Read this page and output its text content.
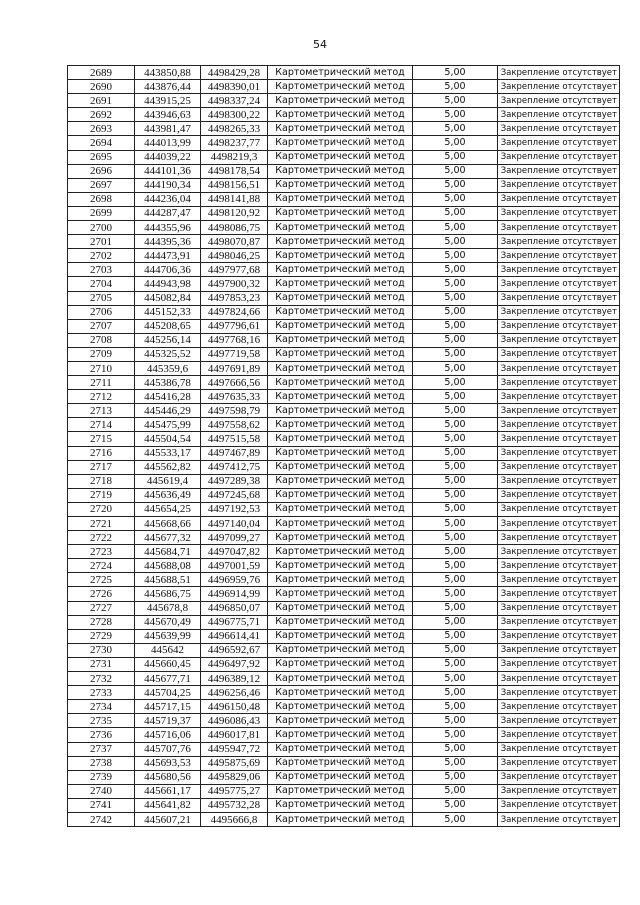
54
2689	443850,88	4498429,28	Картометрический метод	5,00	Закрепление отсутствует
2690	443876,44	4498390,01	Картометрический метод	5,00	Закрепление отсутствует
2691	443915,25	4498337,24	Картометрический метод	5,00	Закрепление отсутствует
2692	443946,63	4498300,22	Картометрический метод	5,00	Закрепление отсутствует
2693	443981,47	4498265,33	Картометрический метод	5,00	Закрепление отсутствует
2694	444013,99	4498237,77	Картометрический метод	5,00	Закрепление отсутствует
2695	444039,22	4498219,3	Картометрический метод	5,00	Закрепление отсутствует
2696	444101,36	4498178,54	Картометрический метод	5,00	Закрепление отсутствует
2697	444190,34	4498156,51	Картометрический метод	5,00	Закрепление отсутствует
2698	444236,04	4498141,88	Картометрический метод	5,00	Закрепление отсутствует
2699	444287,47	4498120,92	Картометрический метод	5,00	Закрепление отсутствует
2700	444355,96	4498086,75	Картометрический метод	5,00	Закрепление отсутствует
2701	444395,36	4498070,87	Картометрический метод	5,00	Закрепление отсутствует
2702	444473,91	4498046,25	Картометрический метод	5,00	Закрепление отсутствует
2703	444706,36	4497977,68	Картометрический метод	5,00	Закрепление отсутствует
2704	444943,98	4497900,32	Картометрический метод	5,00	Закрепление отсутствует
2705	445082,84	4497853,23	Картометрический метод	5,00	Закрепление отсутствует
2706	445152,33	4497824,66	Картометрический метод	5,00	Закрепление отсутствует
2707	445208,65	4497796,61	Картометрический метод	5,00	Закрепление отсутствует
2708	445256,14	4497768,16	Картометрический метод	5,00	Закрепление отсутствует
2709	445325,52	4497719,58	Картометрический метод	5,00	Закрепление отсутствует
2710	445359,6	4497691,89	Картометрический метод	5,00	Закрепление отсутствует
2711	445386,78	4497666,56	Картометрический метод	5,00	Закрепление отсутствует
2712	445416,28	4497635,33	Картометрический метод	5,00	Закрепление отсутствует
2713	445446,29	4497598,79	Картометрический метод	5,00	Закрепление отсутствует
2714	445475,99	4497558,62	Картометрический метод	5,00	Закрепление отсутствует
2715	445504,54	4497515,58	Картометрический метод	5,00	Закрепление отсутствует
2716	445533,17	4497467,89	Картометрический метод	5,00	Закрепление отсутствует
2717	445562,82	4497412,75	Картометрический метод	5,00	Закрепление отсутствует
2718	445619,4	4497289,38	Картометрический метод	5,00	Закрепление отсутствует
2719	445636,49	4497245,68	Картометрический метод	5,00	Закрепление отсутствует
2720	445654,25	4497192,53	Картометрический метод	5,00	Закрепление отсутствует
2721	445668,66	4497140,04	Картометрический метод	5,00	Закрепление отсутствует
2722	445677,32	4497099,27	Картометрический метод	5,00	Закрепление отсутствует
2723	445684,71	4497047,82	Картометрический метод	5,00	Закрепление отсутствует
2724	445688,08	4497001,59	Картометрический метод	5,00	Закрепление отсутствует
2725	445688,51	4496959,76	Картометрический метод	5,00	Закрепление отсутствует
2726	445686,75	4496914,99	Картометрический метод	5,00	Закрепление отсутствует
2727	445678,8	4496850,07	Картометрический метод	5,00	Закрепление отсутствует
2728	445670,49	4496775,71	Картометрический метод	5,00	Закрепление отсутствует
2729	445639,99	4496614,41	Картометрический метод	5,00	Закрепление отсутствует
2730	445642	4496592,67	Картометрический метод	5,00	Закрепление отсутствует
2731	445660,45	4496497,92	Картометрический метод	5,00	Закрепление отсутствует
2732	445677,71	4496389,12	Картометрический метод	5,00	Закрепление отсутствует
2733	445704,25	4496256,46	Картометрический метод	5,00	Закрепление отсутствует
2734	445717,15	4496150,48	Картометрический метод	5,00	Закрепление отсутствует
2735	445719,37	4496086,43	Картометрический метод	5,00	Закрепление отсутствует
2736	445716,06	4496017,81	Картометрический метод	5,00	Закрепление отсутствует
2737	445707,76	4495947,72	Картометрический метод	5,00	Закрепление отсутствует
2738	445693,53	4495875,69	Картометрический метод	5,00	Закрепление отсутствует
2739	445680,56	4495829,06	Картометрический метод	5,00	Закрепление отсутствует
2740	445661,17	4495775,27	Картометрический метод	5,00	Закрепление отсутствует
2741	445641,82	4495732,28	Картометрический метод	5,00	Закрепление отсутствует
2742	445607,21	4495666,8	Картометрический метод	5,00	Закрепление отсутствует
